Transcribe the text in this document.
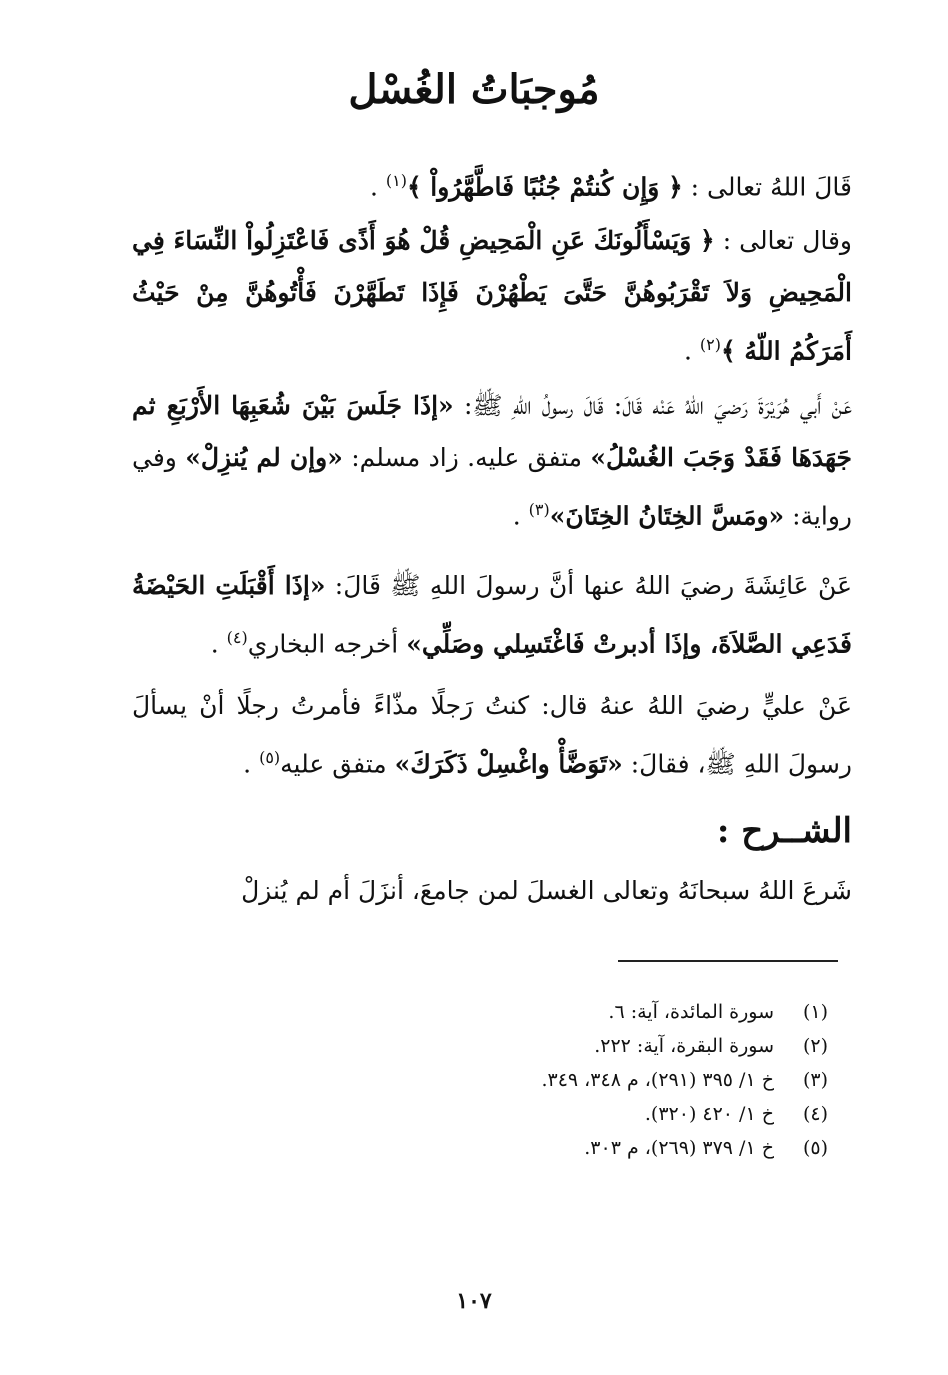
مُوجبَاتُ الغُسْل
قَالَ اللهُ تعالى : ﴿ وَإِن كُنتُمْ جُنُبًا فَاطَّهَّرُواْ ﴾$^{(١)}$ .
وقال تعالى : ﴿ وَيَسْأَلُونَكَ عَنِ الْمَحِيضِ قُلْ هُوَ أَذًى فَاعْتَزِلُواْ النِّسَاءَ فِي الْمَحِيضِ وَلاَ تَقْرَبُوهُنَّ حَتَّىَ يَطْهُرْنَ فَإِذَا تَطَهَّرْنَ فَأْتُوهُنَّ مِنْ حَيْثُ أَمَرَكُمُ اللّهُ ﴾$^{(٢)}$ .
عَنْ أَبي هُرَيْرَةَ رَضيَ اللهُ عَنْه قَالَ: قَالَ رسولُ اللهِ ﷺ: «إذَا جَلَسَ بَيْنَ شُعَبِهَا الأَرْبَعِ ثم جَهَدَهَا فَقَدْ وَجَبَ الغُسْلُ» متفق عليه. زاد مسلم: «وإن لم يُنزِلْ» وفي رواية: «ومَسَّ الخِتَانُ الخِتَانَ»$^{(٣)}$ .
عَنْ عَائِشَةَ رضيَ اللهُ عنها أنَّ رسولَ اللهِ ﷺ قَالَ: «إذَا أَقْبَلَتِ الحَيْضَةُ فَدَعِي الصَّلاَةَ، وإذَا أدبرتْ فَاغْتَسِلي وصَلِّي» أخرجه البخاري$^{(٤)}$ .
عَنْ عليٍّ رضيَ اللهُ عنهُ قال: كنتُ رَجلًا مذّاءً فأمرتُ رجلًا أنْ يسألَ رسولَ اللهِ ﷺ، فقالَ: «تَوَضَّأْ واغْسِلْ ذَكَرَكَ» متفق عليه$^{(٥)}$ .
الشــرح :
شَرعَ اللهُ سبحانَهُ وتعالى الغسلَ لمن جامعَ، أنزَلَ أم لم يُنزلْ
(١)
سورة المائدة، آية: ٦.
(٢)
سورة البقرة، آية: ٢٢٢.
(٣)
خ ١/ ٣٩٥ (٢٩١)، م ٣٤٨، ٣٤٩.
(٤)
خ ١/ ٤٢٠ (٣٢٠).
(٥)
خ ١/ ٣٧٩ (٢٦٩)، م ٣٠٣.
١٠٧
